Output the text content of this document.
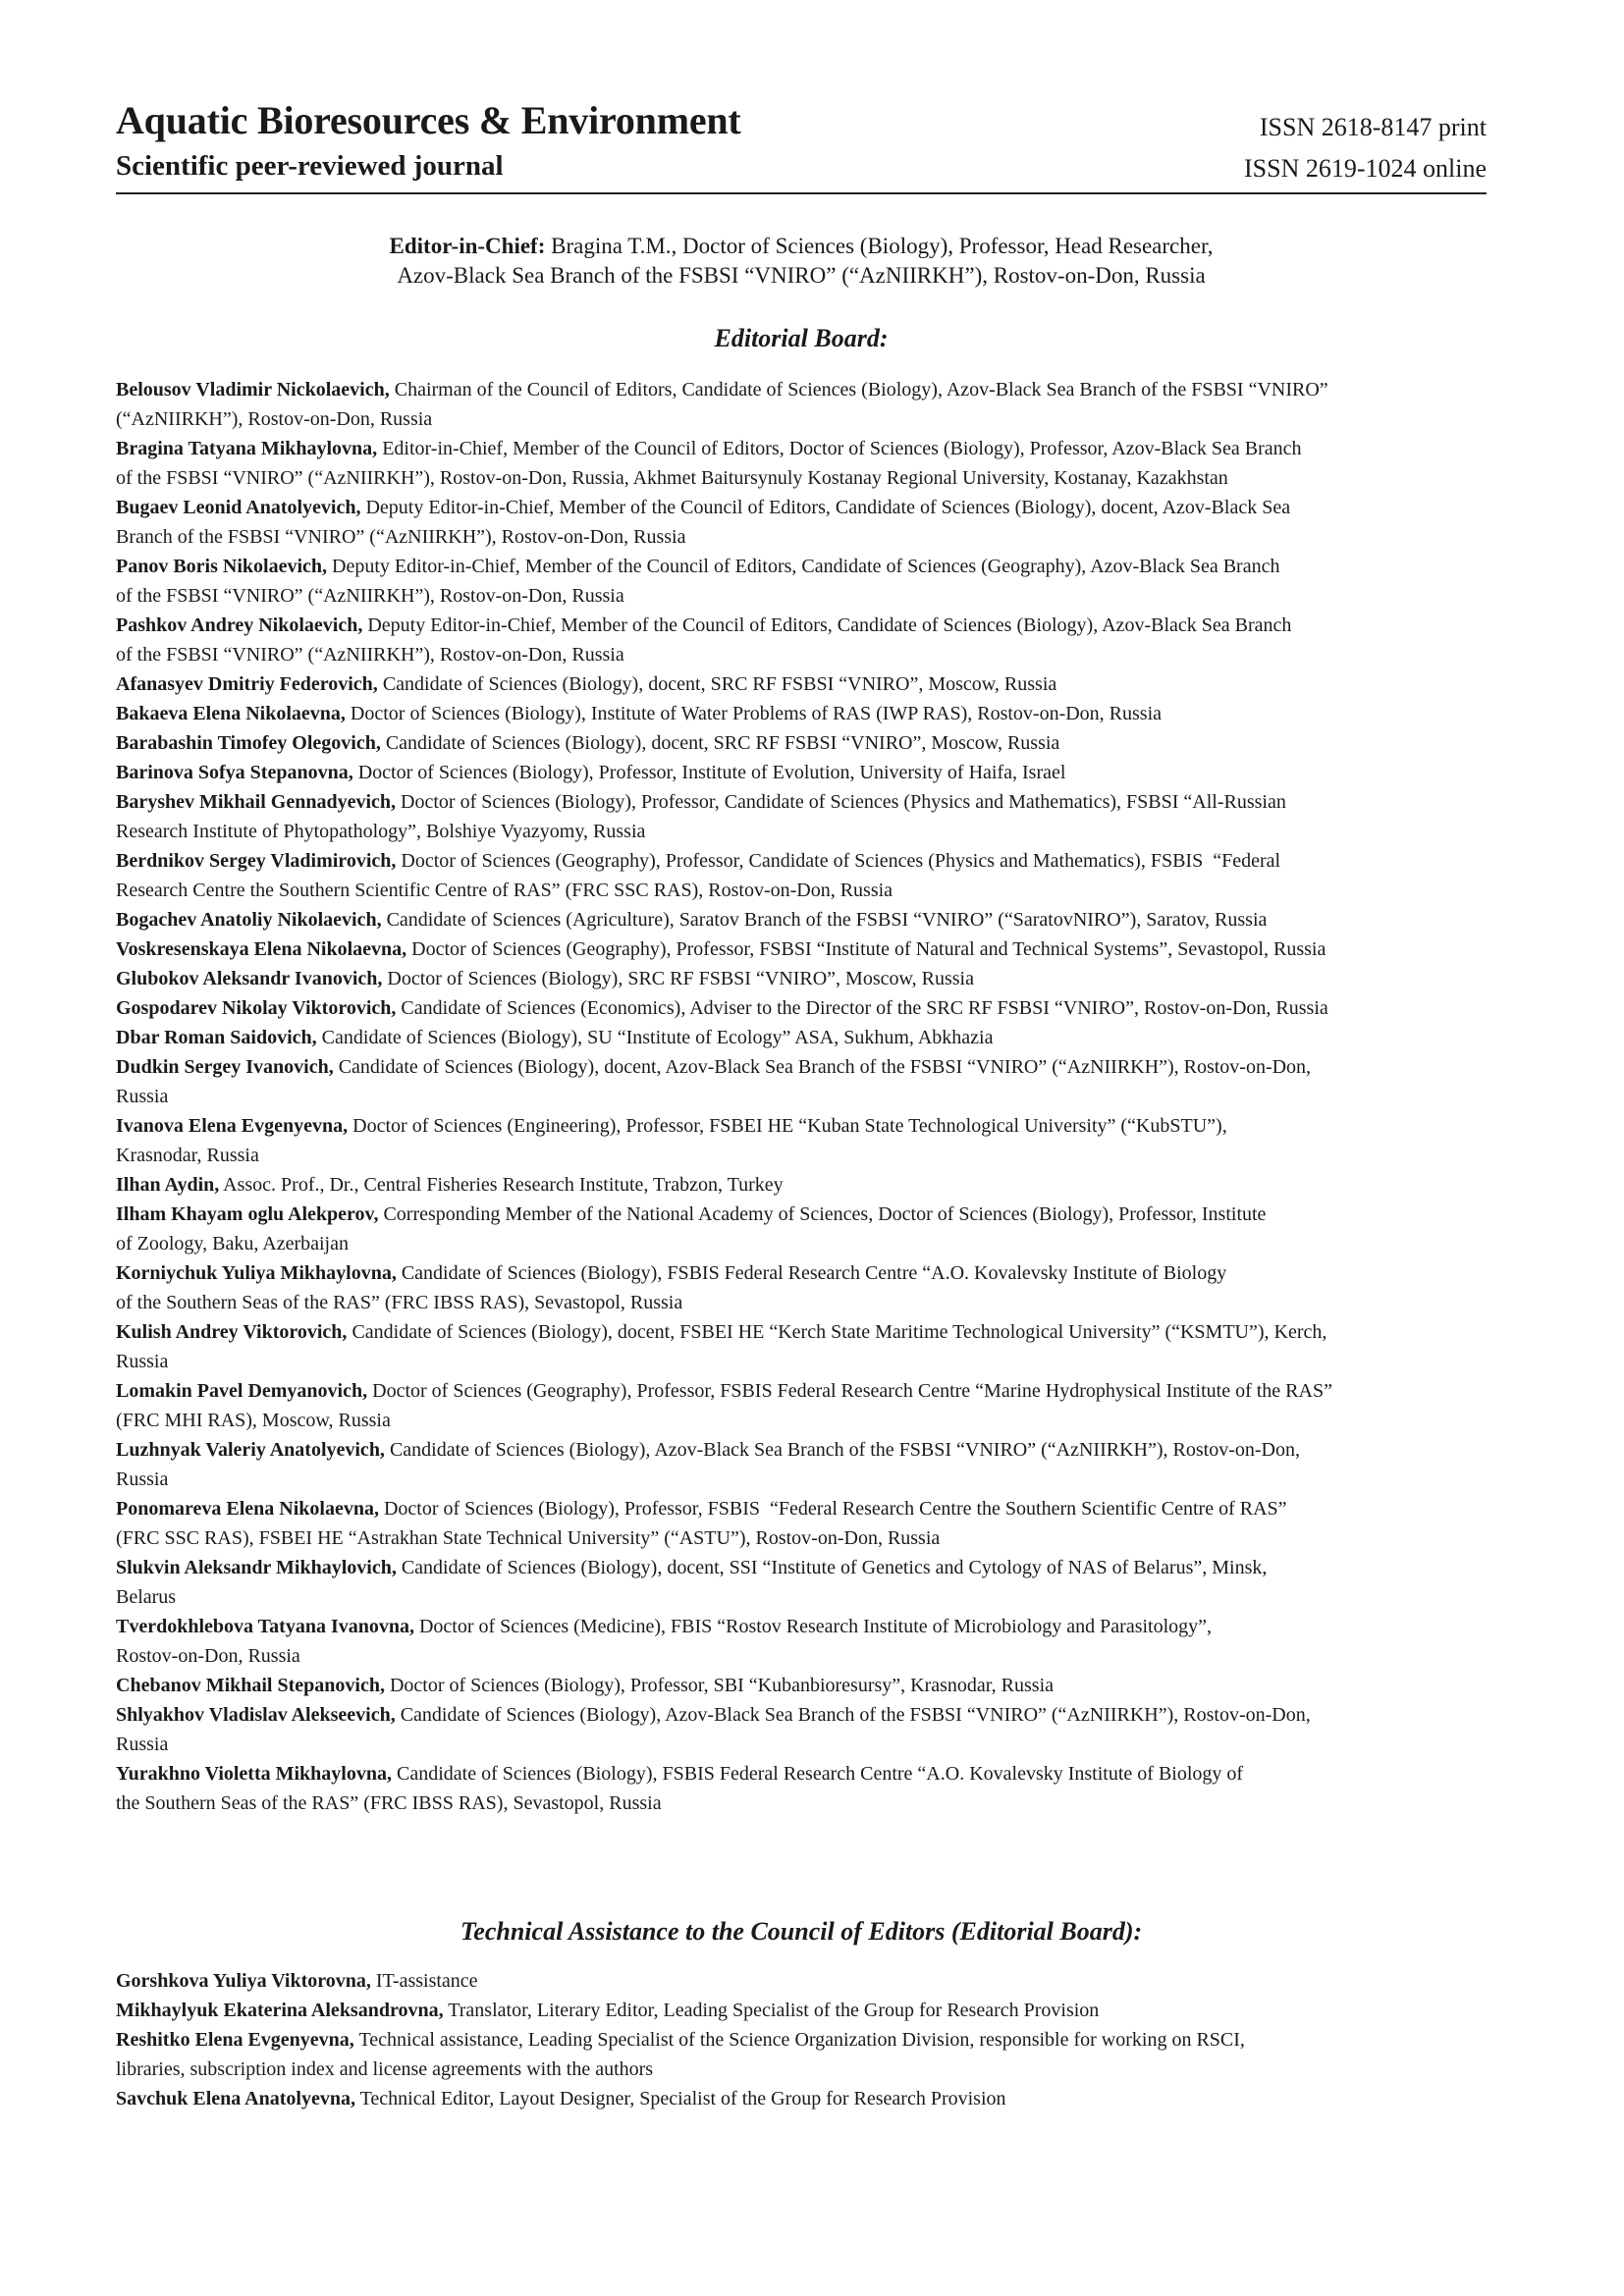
Aquatic Bioresources & Environment
Scientific peer-reviewed journal
ISSN 2618-8147 print
ISSN 2619-1024 online
Editor-in-Chief: Bragina T.M., Doctor of Sciences (Biology), Professor, Head Researcher,
Azov-Black Sea Branch of the FSBSI “VNIRO” (“AzNIIRKH”), Rostov-on-Don, Russia
Editorial Board:
Belousov Vladimir Nickolaevich, Chairman of the Council of Editors, Candidate of Sciences (Biology), Azov-Black Sea Branch of the FSBSI “VNIRO”
(“AzNIIRKH”), Rostov-on-Don, Russia
Bragina Tatyana Mikhaylovna, Editor-in-Chief, Member of the Council of Editors, Doctor of Sciences (Biology), Professor, Azov-Black Sea Branch
of the FSBSI “VNIRO” (“AzNIIRKH”), Rostov-on-Don, Russia, Akhmet Baitursynuly Kostanay Regional University, Kostanay, Kazakhstan
Bugaev Leonid Anatolyevich, Deputy Editor-in-Chief, Member of the Council of Editors, Candidate of Sciences (Biology), docent, Azov-Black Sea
Branch of the FSBSI “VNIRO” (“AzNIIRKH”), Rostov-on-Don, Russia
Panov Boris Nikolaevich, Deputy Editor-in-Chief, Member of the Council of Editors, Candidate of Sciences (Geography), Azov-Black Sea Branch
of the FSBSI “VNIRO” (“AzNIIRKH”), Rostov-on-Don, Russia
Pashkov Andrey Nikolaevich, Deputy Editor-in-Chief, Member of the Council of Editors, Candidate of Sciences (Biology), Azov-Black Sea Branch
of the FSBSI “VNIRO” (“AzNIIRKH”), Rostov-on-Don, Russia
Afanasyev Dmitriy Federovich, Candidate of Sciences (Biology), docent, SRC RF FSBSI “VNIRO”, Moscow, Russia
Bakaeva Elena Nikolaevna, Doctor of Sciences (Biology), Institute of Water Problems of RAS (IWP RAS), Rostov-on-Don, Russia
Barabashin Timofey Olegovich, Candidate of Sciences (Biology), docent, SRC RF FSBSI “VNIRO”, Moscow, Russia
Barinova Sofya Stepanovna, Doctor of Sciences (Biology), Professor, Institute of Evolution, University of Haifa, Israel
Baryshev Mikhail Gennadyevich, Doctor of Sciences (Biology), Professor, Candidate of Sciences (Physics and Mathematics), FSBSI “All-Russian
Research Institute of Phytopathology”, Bolshiye Vyazyomy, Russia
Berdnikov Sergey Vladimirovich, Doctor of Sciences (Geography), Professor, Candidate of Sciences (Physics and Mathematics), FSBIS  “Federal
Research Centre the Southern Scientific Centre of RAS” (FRC SSC RAS), Rostov-on-Don, Russia
Bogachev Anatoliy Nikolaevich, Candidate of Sciences (Agriculture), Saratov Branch of the FSBSI “VNIRO” (“SaratovNIRO”), Saratov, Russia
Voskresenskaya Elena Nikolaevna, Doctor of Sciences (Geography), Professor, FSBSI “Institute of Natural and Technical Systems”, Sevastopol, Russia
Glubokov Aleksandr Ivanovich, Doctor of Sciences (Biology), SRC RF FSBSI “VNIRO”, Moscow, Russia
Gospodarev Nikolay Viktorovich, Candidate of Sciences (Economics), Adviser to the Director of the SRC RF FSBSI “VNIRO”, Rostov-on-Don, Russia
Dbar Roman Saidovich, Candidate of Sciences (Biology), SU “Institute of Ecology” ASA, Sukhum, Abkhazia
Dudkin Sergey Ivanovich, Candidate of Sciences (Biology), docent, Azov-Black Sea Branch of the FSBSI “VNIRO” (“AzNIIRKH”), Rostov-on-Don,
Russia
Ivanova Elena Evgenyevna, Doctor of Sciences (Engineering), Professor, FSBEI HE “Kuban State Technological University” (“KubSTU”),
Krasnodar, Russia
Ilhan Aydin, Assoc. Prof., Dr., Central Fisheries Research Institute, Trabzon, Turkey
Ilham Khayam oglu Alekperov, Corresponding Member of the National Academy of Sciences, Doctor of Sciences (Biology), Professor, Institute
of Zoology, Baku, Azerbaijan
Korniychuk Yuliya Mikhaylovna, Candidate of Sciences (Biology), FSBIS Federal Research Centre “A.O. Kovalevsky Institute of Biology
of the Southern Seas of the RAS” (FRC IBSS RAS), Sevastopol, Russia
Kulish Andrey Viktorovich, Candidate of Sciences (Biology), docent, FSBEI HE “Kerch State Maritime Technological University” (“KSMTU”), Kerch,
Russia
Lomakin Pavel Demyanovich, Doctor of Sciences (Geography), Professor, FSBIS Federal Research Centre “Marine Hydrophysical Institute of the RAS”
(FRC MHI RAS), Moscow, Russia
Luzhnyak Valeriy Anatolyevich, Candidate of Sciences (Biology), Azov-Black Sea Branch of the FSBSI “VNIRO” (“AzNIIRKH”), Rostov-on-Don,
Russia
Ponomareva Elena Nikolaevna, Doctor of Sciences (Biology), Professor, FSBIS  “Federal Research Centre the Southern Scientific Centre of RAS”
(FRC SSC RAS), FSBEI HE “Astrakhan State Technical University” (“ASTU”), Rostov-on-Don, Russia
Slukvin Aleksandr Mikhaylovich, Candidate of Sciences (Biology), docent, SSI “Institute of Genetics and Cytology of NAS of Belarus”, Minsk,
Belarus
Tverdokhlebova Tatyana Ivanovna, Doctor of Sciences (Medicine), FBIS “Rostov Research Institute of Microbiology and Parasitology”,
Rostov-on-Don, Russia
Chebanov Mikhail Stepanovich, Doctor of Sciences (Biology), Professor, SBI “Kubanbioresursy”, Krasnodar, Russia
Shlyakhov Vladislav Alekseevich, Candidate of Sciences (Biology), Azov-Black Sea Branch of the FSBSI “VNIRO” (“AzNIIRKH”), Rostov-on-Don,
Russia
Yurakhno Violetta Mikhaylovna, Candidate of Sciences (Biology), FSBIS Federal Research Centre “A.O. Kovalevsky Institute of Biology of
the Southern Seas of the RAS” (FRC IBSS RAS), Sevastopol, Russia
Technical Assistance to the Council of Editors (Editorial Board):
Gorshkova Yuliya Viktorovna, IT-assistance
Mikhaylyuk Ekaterina Aleksandrovna, Translator, Literary Editor, Leading Specialist of the Group for Research Provision
Reshitko Elena Evgenyevna, Technical assistance, Leading Specialist of the Science Organization Division, responsible for working on RSCI,
libraries, subscription index and license agreements with the authors
Savchuk Elena Anatolyevna, Technical Editor, Layout Designer, Specialist of the Group for Research Provision
